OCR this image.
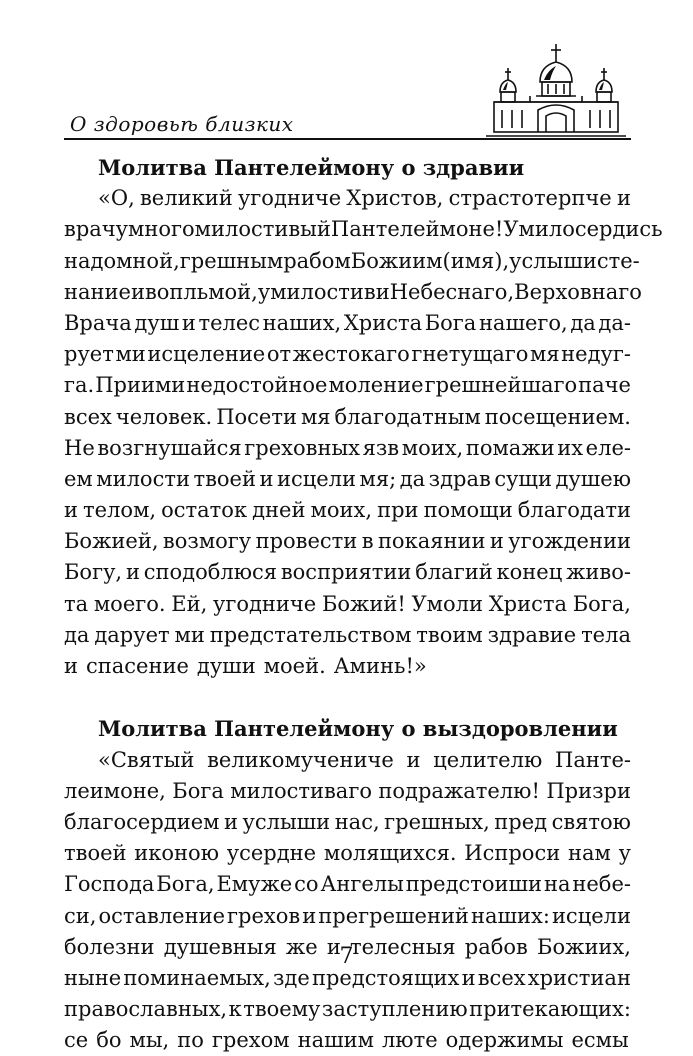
О здоровьѣ близких
Молитва Пантелеймону о здравии
«О, великий угодниче Христов, страстотерпче и
врачу многомилостивый Пантелеймоне! Умилосердись
надо мной, грешным рабом Божиим (имя), услыши сте-
нание и вопль мой, умилостиви Небеснаго, Верховнаго
Врача душ и телес наших, Христа Бога нашего, да да-
рует ми исцеление от жестокаго гнетущаго мя недуг-
га. Приими недостойное моление грешнейшаго паче
всех человек. Посети мя благодатным посещением.
Не возгнушайся греховных язв моих, помажи их еле-
ем милости твоей и исцели мя; да здрав сущи душею
и телом, остаток дней моих, при помощи благодати
Божией, возмогу провести в покаянии и угождении
Богу, и сподоблюся восприятии благий конец живо-
та моего. Ей, угодниче Божий! Умоли Христа Бога,
да дарует ми предстательством твоим здравие тела
и спасение души моей. Аминь!»
Молитва Пантелеймону о выздоровлении
«Святый великомучениче и целителю Панте-
леимоне, Бога милостиваго подражателю! Призри
благосердием и услыши нас, грешных, пред святою
твоей иконою усердне молящихся. Испроси нам у
Господа Бога, Емуже со Ангелы предстоиши на небе-
си, оставление грехов и прегрешений наших: исцели
болезни душевныя же и телесныя рабов Божиих,
ныне поминаемых, зде предстоящих и всех христиан
православных, к твоему заступлению притекающих:
се бо мы, по грехом нашим люте одержимы есмы
7
